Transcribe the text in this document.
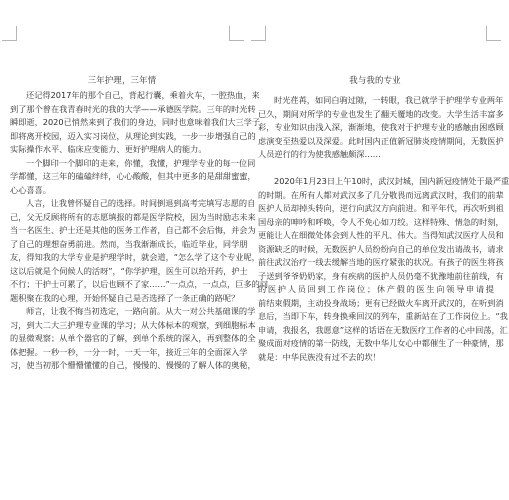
三年护理，三年情
还记得2017年的那个自己，背起行囊，乘着火车，一腔热血，来
到了那个曾在我青春时光的我的大学——承德医学院。三年的时光转
瞬即逝，2020已悄然来到了我们的身边，同时也意味着我们大三学子
即将离开校园，迈入实习岗位，从理论到实践，一步一步增强自己的
实际操作水平、临床应变能力、更好护理病人的能力。
一个脚印一个脚印的走来，你懂，我懂，护理学专业的每一位同
学都懂，这三年的磕磕绊绊，心心酸酸，但其中更多的是甜甜蜜蜜，
心心喜喜。
人言，让我曾怀疑自己的选择。时间倒退到高考完填写志愿的自
己，父无反顾将所有的志愿填报的都是医学院校，因为当时励志未来
当一名医生、护士还是其他的医务工作者，自己都不会后悔，并会为
了自己的理想奋勇前进。然而，当我渐渐成长，临近毕业，同学朋
友，得知我的大学专业是护理学时，就会道，“怎么学了这个专业呢，
这以后就是个伺候人的活呀”，“你学护理，医生可以给开药，护士
不行；干护士可累了，以后也顾不了家……”一点点，一点点，巨多的问
题积聚在我的心理，开始怀疑自己是否选择了一条正确的路呢？
师言，让我不悔当初选定，一路向前。从大一对公共基础课的学
习，到大二大三护理专业课的学习；从大体标本的观察，到细胞标本
的显微观察；从单个器官的了解，到单个系统的深入，再到整体的全
体把握。一秒一秒，一分一时，一天一年，接近三年的全面深入学
习，使当初那个懵懵懂懂的自己，慢慢的、慢慢的了解人体的奥秘，
我与我的专业
时光荏苒，如同白驹过隙，一转眼，我已就学于护理学专业两年
已久，期间对所学的专业也发生了翻天覆地的改变。大学生活丰富多
彩，专业知识由浅入深，渐渐地，使我对于护理专业的感触由困惑顾
虑演变至热爱以及深爱。此时国内正值新冠肺炎疫情期间，无数医护
人员逆行的行为使我感触颇深……
2020年1月23日上午10时，武汉封城，国内新冠疫情处于最严重
的时期。在所有人都对武汉多了几分敬畏而远离武汉时，我们的前辈
医护人员却掉头转向，逆行向武汉方向前进。和平年代，再次听到祖
国母亲的呻吟和呼唤，令人不免心如刀绞。这样特殊、情急的时刻，
更能让人在细微处体会到人性的平凡、伟大。当得知武汉医疗人员和
资源缺乏的时候，无数医护人员纷纷向自己的单位发出请战书，请求
前往武汉治疗一线去缓解当地的医疗紧张的状况。有孩子的医生将孩
子送到爷爷奶奶家，身有疾病的医护人员仍毫不犹豫地前往前线，有
的医护人员回到工作岗位；休产假的医生向领导申请提
前结束假期，主动投身战场；更有已经做火车离开武汉的，在听到消
息后，当即下车，转身换乘回汉的列车，重新站在了工作岗位上。“我
申请，我报名，我愿意”这样的话语在无数医疗工作者的心中回荡，汇
聚成面对疫情的第一防线，无数中华儿女心中都催生了一种豪情，那
就是：中华民族没有过不去的坎！
